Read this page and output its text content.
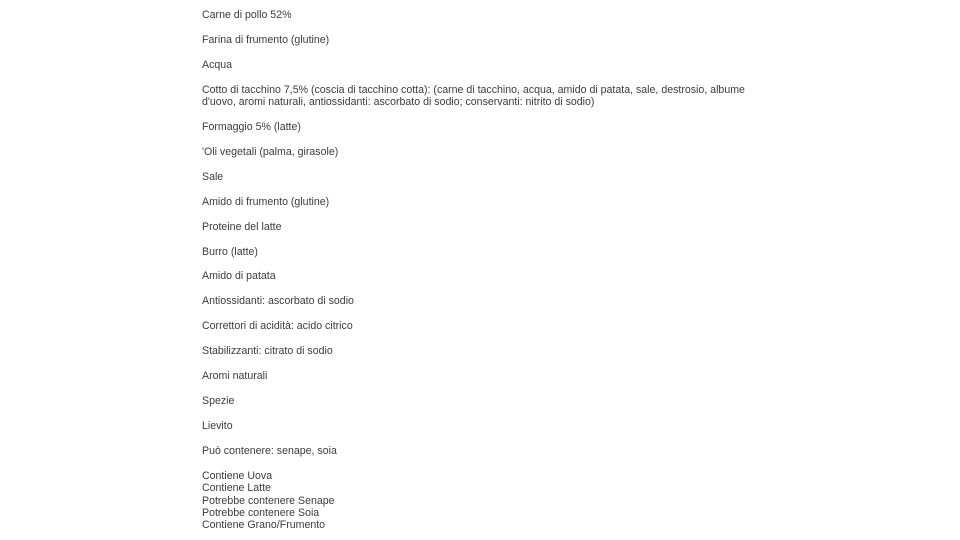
Carne di pollo 52%
Farina di frumento (glutine)
Acqua
Cotto di tacchino 7,5% (coscia di tacchino cotta): (carne di tacchino, acqua, amido di patata, sale, destrosio, albume d'uovo, aromi naturali, antiossidanti: ascorbato di sodio; conservanti: nitrito di sodio)
Formaggio 5% (latte)
'Oli vegetali (palma, girasole)
Sale
Amido di frumento (glutine)
Proteine del latte
Burro (latte)
Amido di patata
Antiossidanti: ascorbato di sodio
Correttori di acidità: acido citrico
Stabilizzanti: citrato di sodio
Aromi naturali
Spezie
Lievito
Può contenere: senape, soia
Contiene Uova
Contiene Latte
Potrebbe contenere Senape
Potrebbe contenere Soia
Contiene Grano/Frumento
